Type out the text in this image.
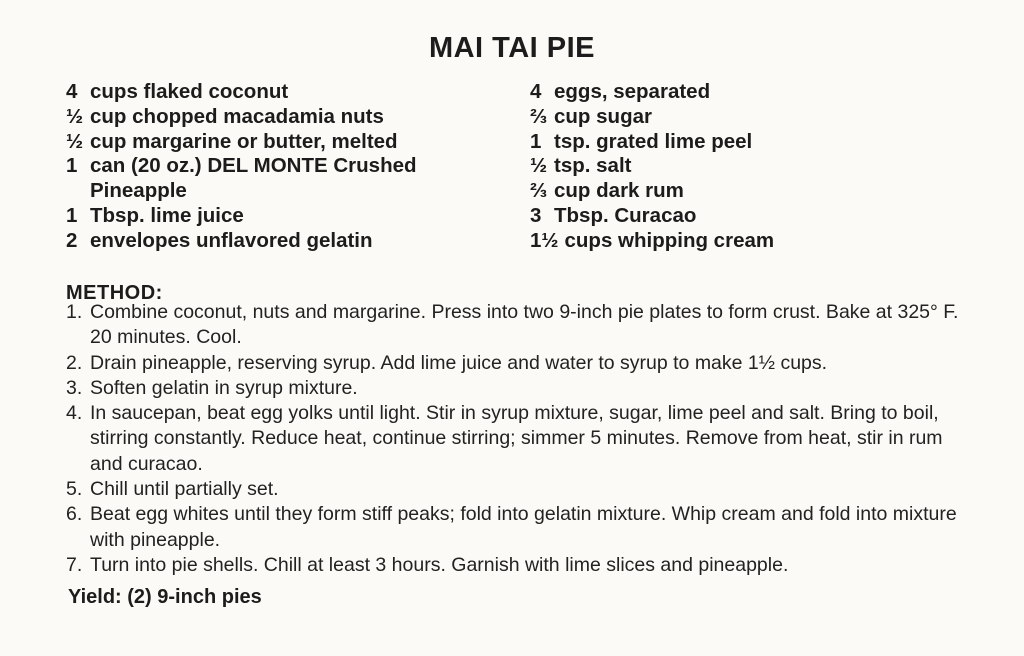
MAI TAI PIE
4 cups flaked coconut
½ cup chopped macadamia nuts
½ cup margarine or butter, melted
1 can (20 oz.) DEL MONTE Crushed Pineapple
1 Tbsp. lime juice
2 envelopes unflavored gelatin
4 eggs, separated
⅔ cup sugar
1 tsp. grated lime peel
½ tsp. salt
⅔ cup dark rum
3 Tbsp. Curacao
1½ cups whipping cream
METHOD:
1. Combine coconut, nuts and margarine. Press into two 9-inch pie plates to form crust. Bake at 325° F. 20 minutes. Cool.
2. Drain pineapple, reserving syrup. Add lime juice and water to syrup to make 1½ cups.
3. Soften gelatin in syrup mixture.
4. In saucepan, beat egg yolks until light. Stir in syrup mixture, sugar, lime peel and salt. Bring to boil, stirring constantly. Reduce heat, continue stirring; simmer 5 minutes. Remove from heat, stir in rum and curacao.
5. Chill until partially set.
6. Beat egg whites until they form stiff peaks; fold into gelatin mixture. Whip cream and fold into mixture with pineapple.
7. Turn into pie shells. Chill at least 3 hours. Garnish with lime slices and pineapple.
Yield: (2) 9-inch pies
